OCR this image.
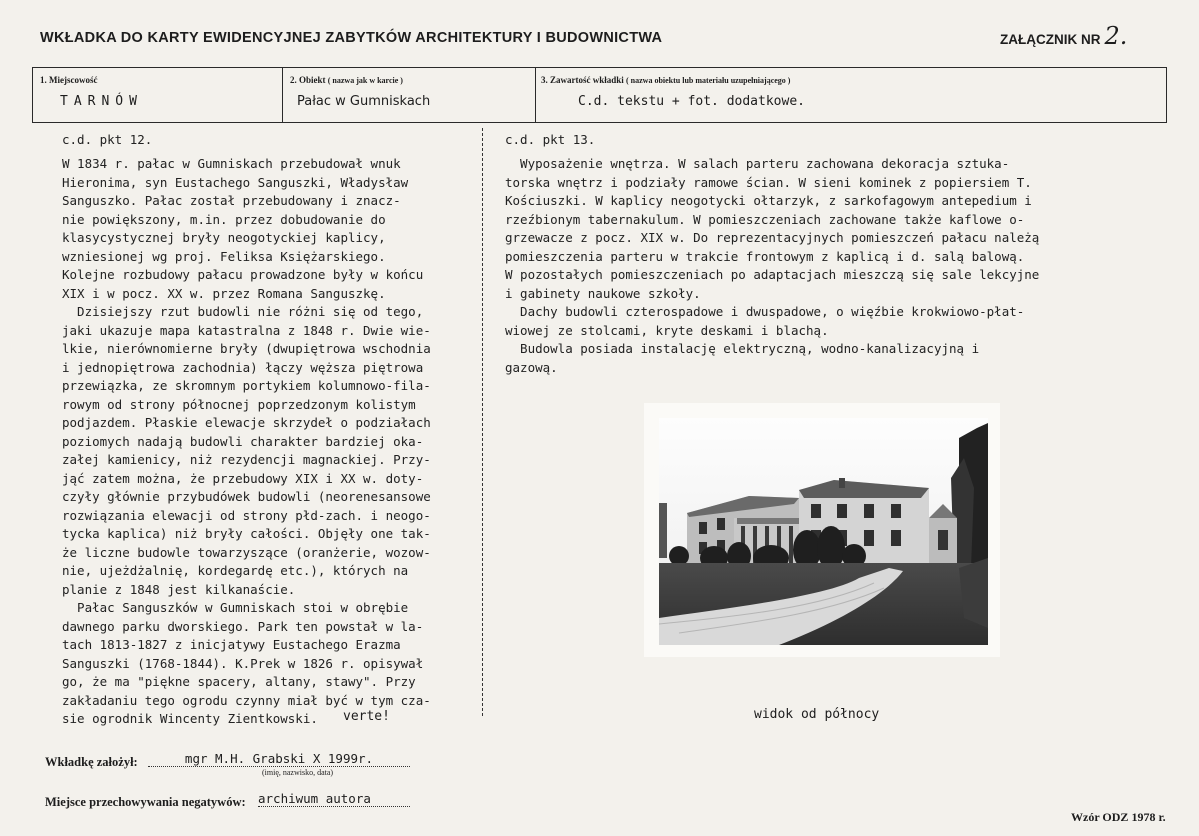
WKŁADKA DO KARTY EWIDENCYJNEJ ZABYTKÓW ARCHITEKTURY I BUDOWNICTWA	ZAŁĄCZNIK NR 2.
1. Miejscowość
TARNÓW
2. Obiekt ( nazwa jak w karcie )
Pałac w Gumniskach
3. Zawartość wkładki ( nazwa obiektu lub materiału uzupełniającego )
C.d. tekstu + fot. dodatkowe.
c.d. pkt 12.
W 1834 r. pałac w Gumniskach przebudował wnuk
Hieronima, syn Eustachego Sanguszki, Władysław
Sanguszko. Pałac został przebudowany i znacz-
nie powiększony, m.in. przez dobudowanie do
klasycystycznej bryły neogotyckiej kaplicy,
wzniesionej wg proj. Feliksa Księżarskiego.
Kolejne rozbudowy pałacu prowadzone były w końcu
XIX i w pocz. XX w. przez Romana Sanguszkę.
Dzisiejszy rzut budowli nie różni się od tego,
jaki ukazuje mapa katastralna z 1848 r. Dwie wie-
lkie, nierównomierne bryły (dwupiętrowa wschodnia
i jednopiętrowa zachodnia) łączy węższa piętrowa
przewiązka, ze skromnym portykiem kolumnowo-fila-
rowym od strony północnej poprzedzonym kolistym
podjazdem. Płaskie elewacje skrzydeł o podziałach
poziomych nadają budowli charakter bardziej oka-
załej kamienicy, niż rezydencji magnackiej. Przy-
jąć zatem można, że przebudowy XIX i XX w. doty-
czyły głównie przybudówek budowli (neorenesansowe
rozwiązania elewacji od strony płd-zach. i neogo-
tycka kaplica) niż bryły całości. Objęły one tak-
że liczne budowle towarzyszące (oranżerie, wozow-
nie, ujeżdżalnię, kordegardę etc.), których na
planie z 1848 jest kilkanaście.
Pałac Sanguszków w Gumniskach stoi w obrębie
dawnego parku dworskiego. Park ten powstał w la-
tach 1813-1827 z inicjatywy Eustachego Erazma
Sanguszki (1768-1844). K.Prek w 1826 r. opisywał
go, że ma "piękne spacery, altany, stawy". Przy
zakładaniu tego ogrodu czynny miał być w tym cza-
sie ogrodnik Wincenty Zientkowski.	verte!
c.d. pkt 13.
Wyposażenie wnętrza. W salach parteru zachowana dekoracja sztuka-
torska wnętrz i podziały ramowe ścian. W sieni kominek z popiersiem T.
Kościuszki. W kaplicy neogotycki ołtarzyk, z sarkofagowym antepedium i
rzeźbionym tabernakulum. W pomieszczeniach zachowane także kaflowe o-
grzewacze z pocz. XIX w. Do reprezentacyjnych pomieszczeń pałacu należą
pomieszczenia parteru w trakcie frontowym z kaplicą i d. salą balową.
W pozostałych pomieszczeniach po adaptacjach mieszczą się sale lekcyjne
i gabinety naukowe szkoły.
Dachy budowli czterospadowe i dwuspadowe, o więźbie krokwiowo-płat-
wiowej ze stolcami, kryte deskami i blachą.
Budowla posiada instalację elektryczną, wodno-kanalizacyjną i
gazową.
widok od północy
Wkładkę założył:	mgr M.H. Grabski X 1999r.
(imię, nazwisko, data)
Miejsce przechowywania negatywów: archiwum autora
Wzór ODZ 1978 r.
